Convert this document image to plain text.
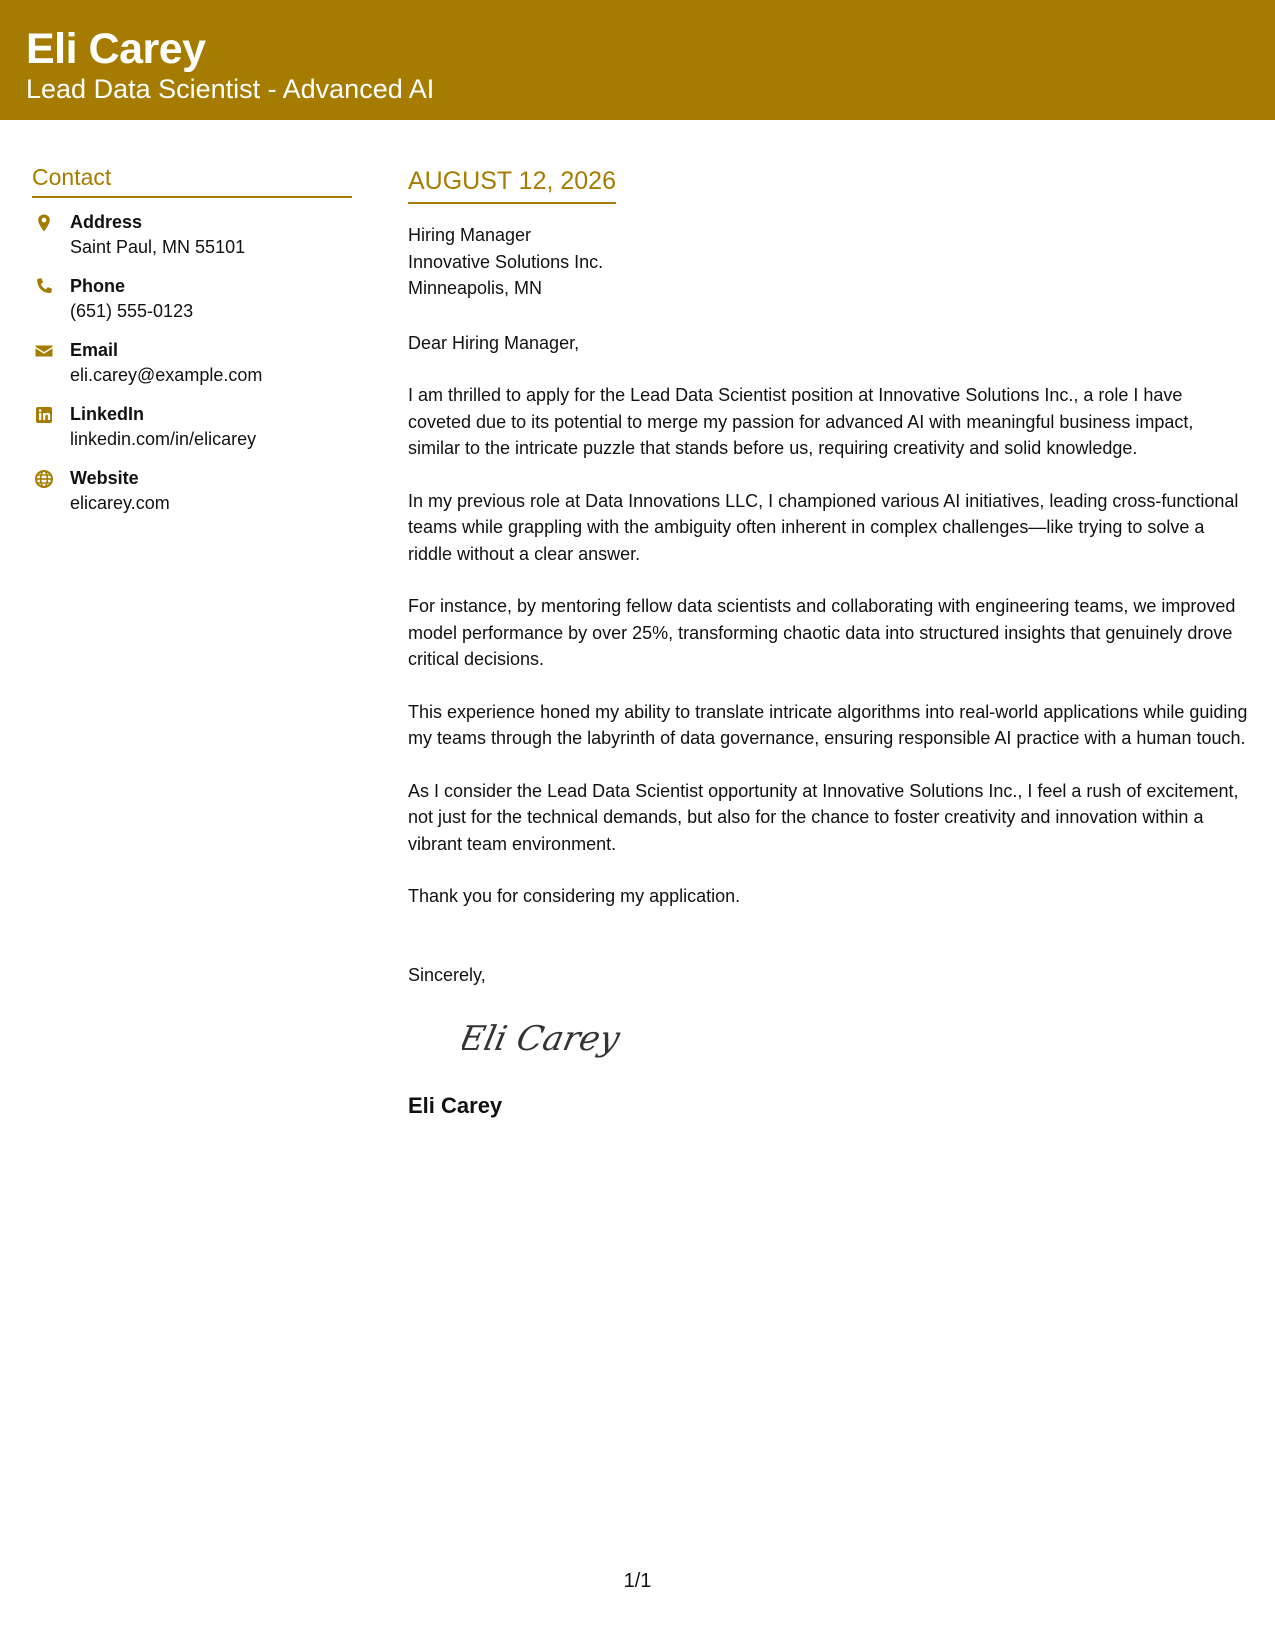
Eli Carey
Lead Data Scientist - Advanced AI
Contact
Address
Saint Paul, MN 55101
Phone
(651) 555-0123
Email
eli.carey@example.com
LinkedIn
linkedin.com/in/elicarey
Website
elicarey.com
AUGUST 12, 2026
Hiring Manager
Innovative Solutions Inc.
Minneapolis, MN
Dear Hiring Manager,
I am thrilled to apply for the Lead Data Scientist position at Innovative Solutions Inc., a role I have coveted due to its potential to merge my passion for advanced AI with meaningful business impact, similar to the intricate puzzle that stands before us, requiring creativity and solid knowledge.
In my previous role at Data Innovations LLC, I championed various AI initiatives, leading cross-functional teams while grappling with the ambiguity often inherent in complex challenges—like trying to solve a riddle without a clear answer.
For instance, by mentoring fellow data scientists and collaborating with engineering teams, we improved model performance by over 25%, transforming chaotic data into structured insights that genuinely drove critical decisions.
This experience honed my ability to translate intricate algorithms into real-world applications while guiding my teams through the labyrinth of data governance, ensuring responsible AI practice with a human touch.
As I consider the Lead Data Scientist opportunity at Innovative Solutions Inc., I feel a rush of excitement, not just for the technical demands, but also for the chance to foster creativity and innovation within a vibrant team environment.
Thank you for considering my application.
Sincerely,
Eli Carey
Eli Carey
1/1
